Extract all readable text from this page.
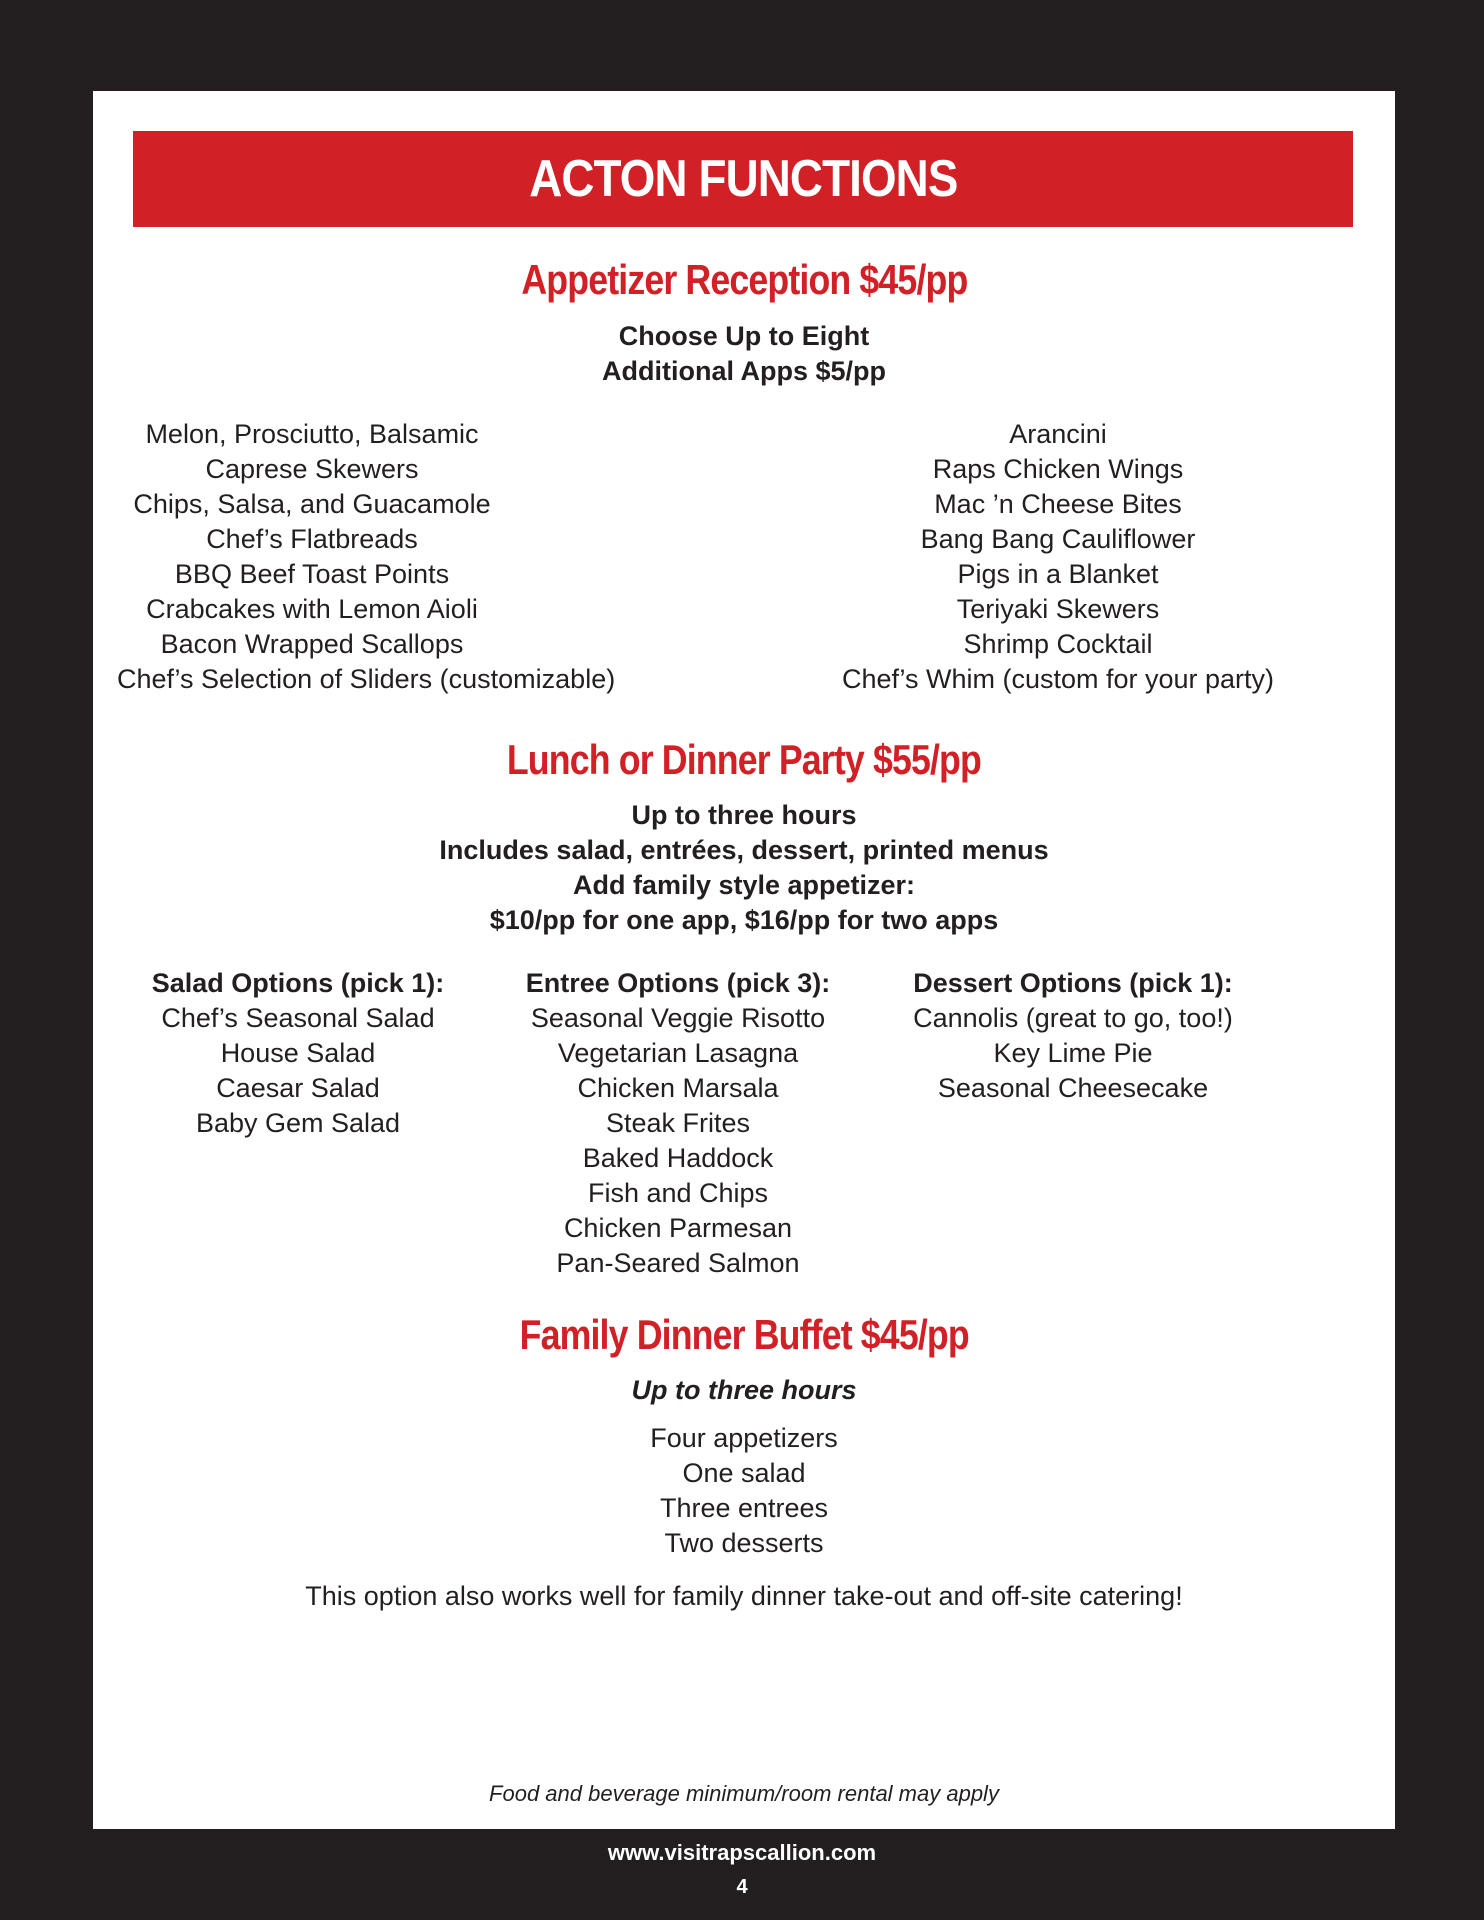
ACTON FUNCTIONS
Appetizer Reception $45/pp
Choose Up to Eight
Additional Apps $5/pp
Melon, Prosciutto, Balsamic
Caprese Skewers
Chips, Salsa, and Guacamole
Chef’s Flatbreads
BBQ Beef Toast Points
Crabcakes with Lemon Aioli
Bacon Wrapped Scallops
Chef’s Selection of Sliders (customizable)
Arancini
Raps Chicken Wings
Mac ’n Cheese Bites
Bang Bang Cauliflower
Pigs in a Blanket
Teriyaki Skewers
Shrimp Cocktail
Chef’s Whim (custom for your party)
Lunch or Dinner Party $55/pp
Up to three hours
Includes salad, entrées, dessert, printed menus
Add family style appetizer:
$10/pp for one app, $16/pp for two apps
Salad Options (pick 1):
Chef’s Seasonal Salad
House Salad
Caesar Salad
Baby Gem Salad
Entree Options (pick 3):
Seasonal Veggie Risotto
Vegetarian Lasagna
Chicken Marsala
Steak Frites
Baked Haddock
Fish and Chips
Chicken Parmesan
Pan-Seared Salmon
Dessert Options (pick 1):
Cannolis (great to go, too!)
Key Lime Pie
Seasonal Cheesecake
Family Dinner Buffet $45/pp
Up to three hours
Four appetizers
One salad
Three entrees
Two desserts
This option also works well for family dinner take-out and off-site catering!
Food and beverage minimum/room rental may apply
www.visitrapscallion.com
4
